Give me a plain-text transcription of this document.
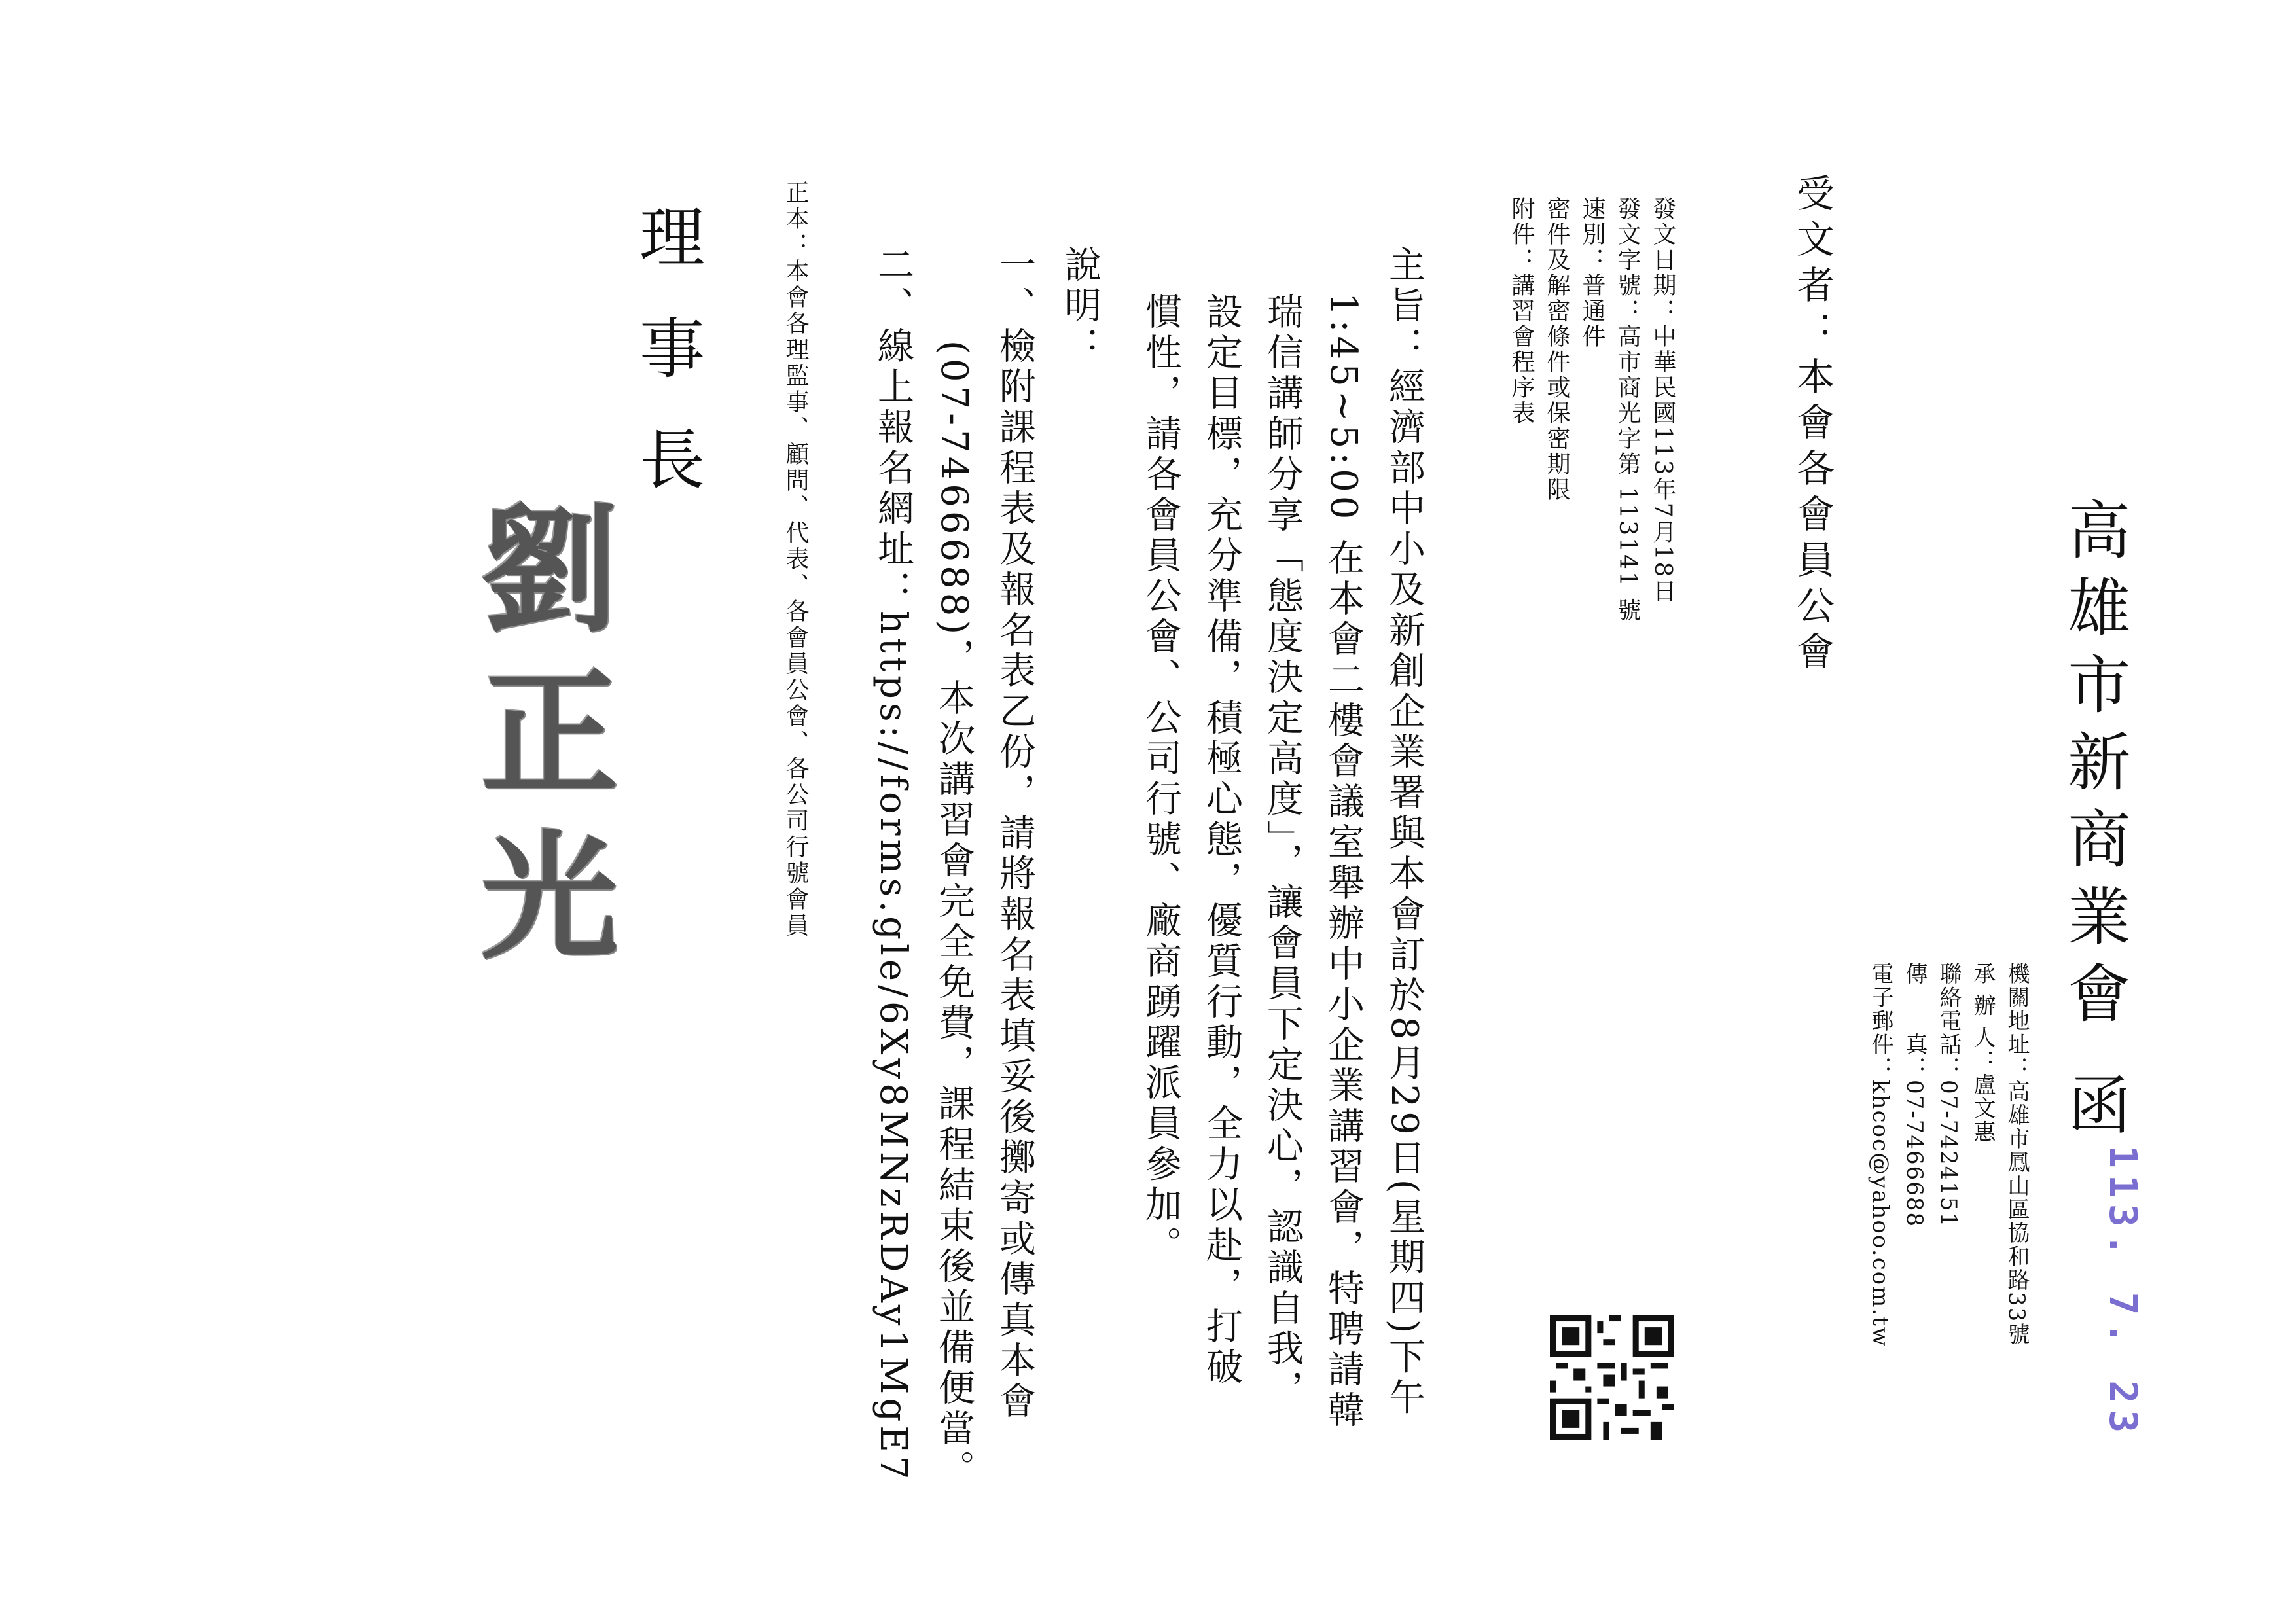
高雄市新商業會 函
113. 7. 23
機關地址：高雄市鳳山區協和路33號
承 辦 人：盧文惠
聯絡電話：07-7424151
傳　　真：07-7466688
電子郵件：khcoc@yahoo.com.tw
受文者：本會各會員公會
發文日期：中華民國113年7月18日
發文字號：高市商光字第 113141 號
速別：普通件
密件及解密條件或保密期限
附件：講習會程序表
主旨：經濟部中小及新創企業署與本會訂於8月29日(星期四)下午
1:45~5:00 在本會二樓會議室舉辦中小企業講習會，特聘請韓
瑞信講師分享「態度決定高度」，讓會員下定決心，認識自我，
設定目標，充分準備，積極心態，優質行動，全力以赴，打破
慣性，請各會員公會、公司行號、廠商踴躍派員參加。
說明：
一、檢附課程表及報名表乙份，請將報名表填妥後擲寄或傳真本會
(07-7466688)，本次講習會完全免費，課程結束後並備便當。
二、線上報名網址：https://forms.gle/6Xy8MNzRDAy1MgE7
正本：本會各理監事、顧問、代表、各會員公會、各公司行號會員
理事長
劉正光
